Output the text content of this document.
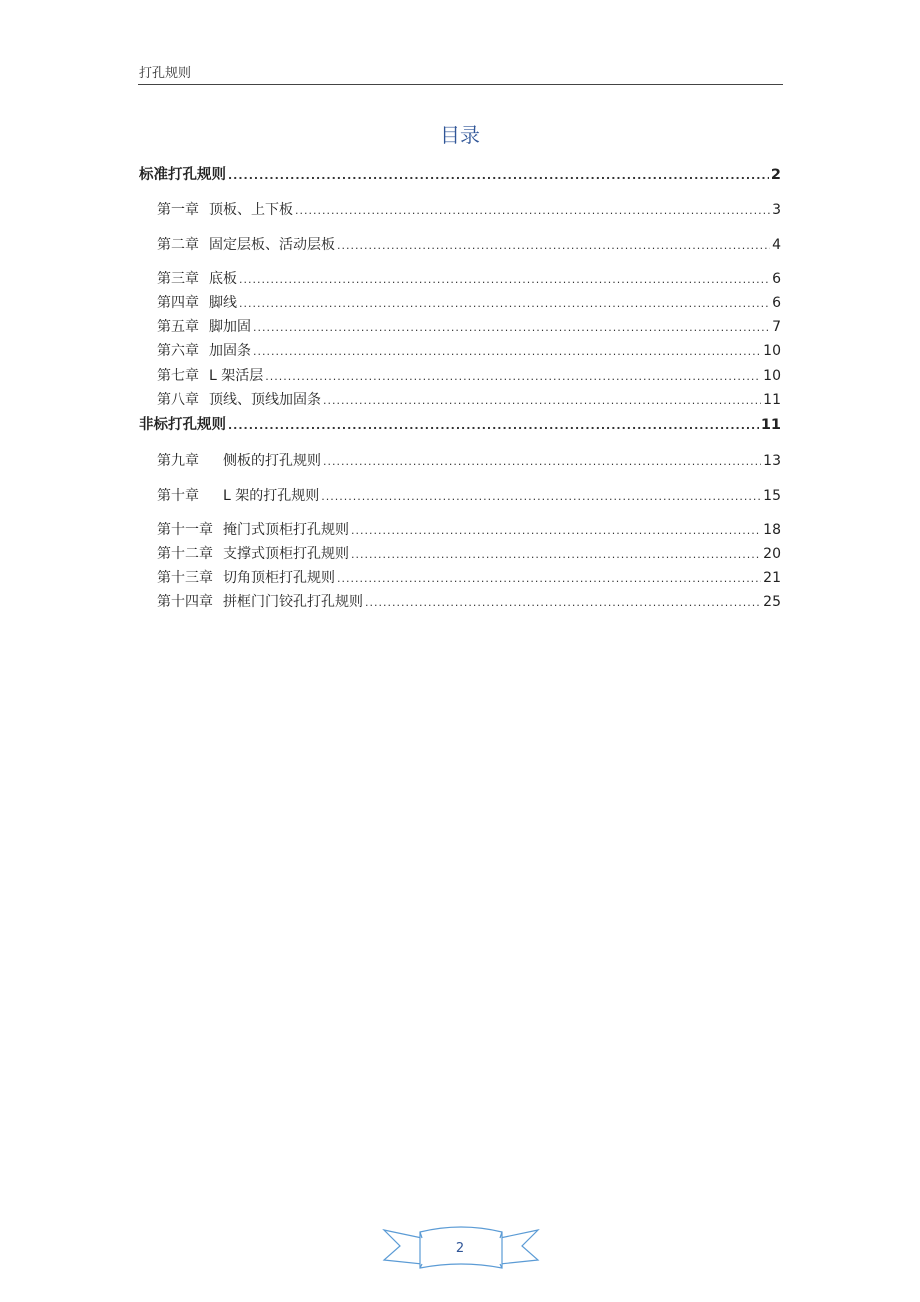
打孔规则
目录
标准打孔规则 .....	2
第一章 顶板、上下板 .....	3
第二章 固定层板、活动层板 .....	4
第三章 底板 .....	6
第四章 脚线 .....	6
第五章 脚加固 .....	7
第六章 加固条 .....	10
第七章 L 架活层 .....	10
第八章 顶线、顶线加固条 .....	11
非标打孔规则 .....	11
第九章 侧板的打孔规则 .....	13
第十章 L 架的打孔规则 .....	15
第十一章 掩门式顶柜打孔规则 .....	18
第十二章 支撑式顶柜打孔规则 .....	20
第十三章 切角顶柜打孔规则 .....	21
第十四章 拼框门门铰孔打孔规则 .....	25
2
